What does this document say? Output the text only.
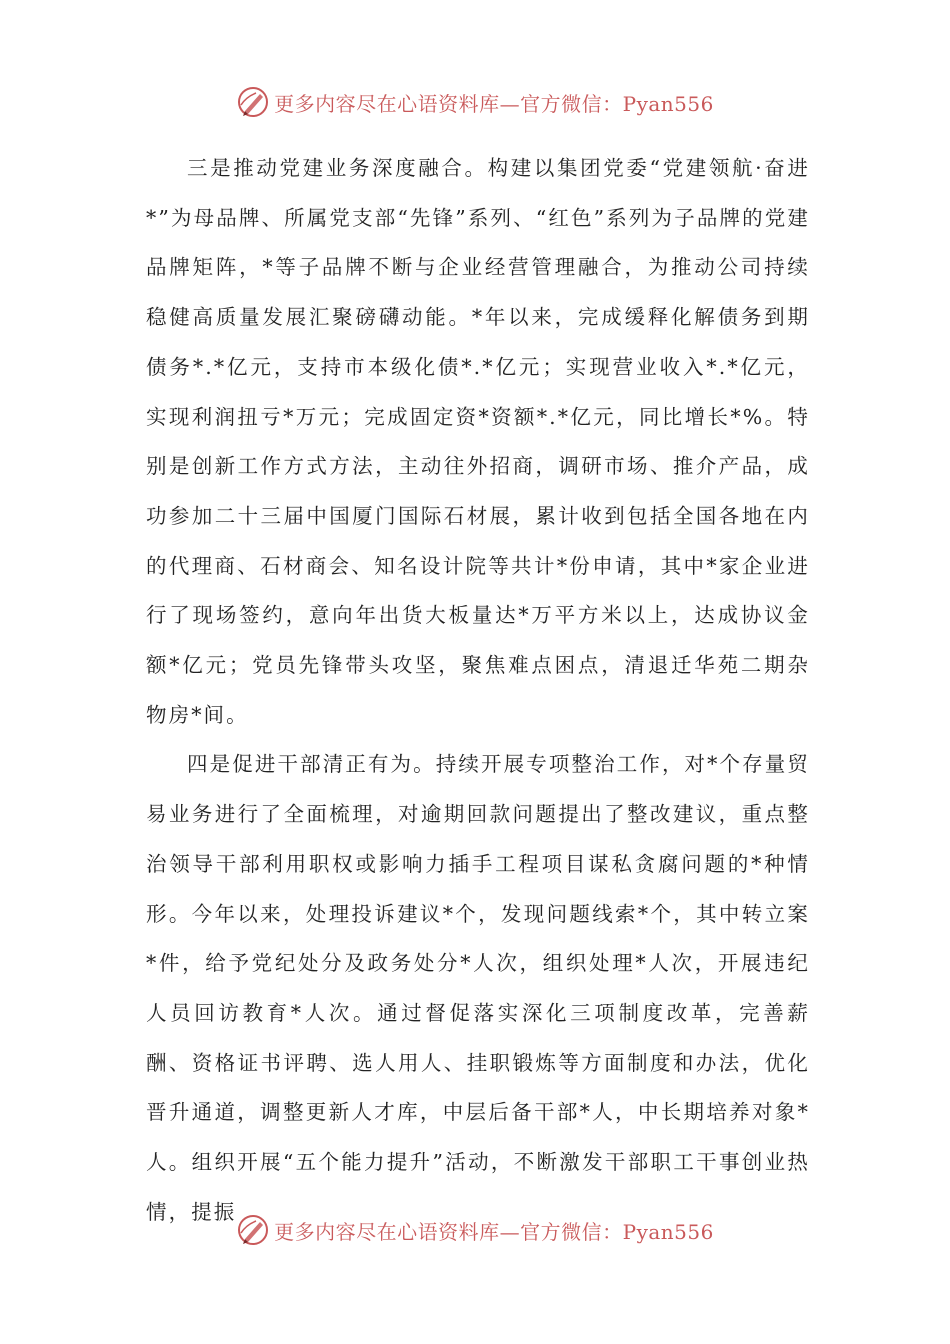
更多内容尽在心语资料库—官方微信：Pyan556

三是推动党建业务深度融合。构建以集团党委“党建领航·奋进*”为母品牌、所属党支部“先锋”系列、“红色”系列为子品牌的党建品牌矩阵，*等子品牌不断与企业经营管理融合，为推动公司持续稳健高质量发展汇聚磅礴动能。*年以来，完成缓释化解债务到期债务*.*亿元，支持市本级化债*.*亿元；实现营业收入*.*亿元，实现利润扭亏*万元；完成固定资*资额*.*亿元，同比增长*%。特别是创新工作方式方法，主动往外招商，调研市场、推介产品，成功参加二十三届中国厦门国际石材展，累计收到包括全国各地在内的代理商、石材商会、知名设计院等共计*份申请，其中*家企业进行了现场签约，意向年出货大板量达*万平方米以上，达成协议金额*亿元；党员先锋带头攻坚，聚焦难点困点，清退迁华苑二期杂物房*间。

四是促进干部清正有为。持续开展专项整治工作，对*个存量贸易业务进行了全面梳理，对逾期回款问题提出了整改建议，重点整治领导干部利用职权或影响力插手工程项目谋私贪腐问题的*种情形。今年以来，处理投诉建议*个，发现问题线索*个，其中转立案*件，给予党纪处分及政务处分*人次，组织处理*人次，开展违纪人员回访教育*人次。通过督促落实深化三项制度改革，完善薪酬、资格证书评聘、选人用人、挂职锻炼等方面制度和办法，优化晋升通道，调整更新人才库，中层后备干部*人，中长期培养对象*人。组织开展“五个能力提升”活动，不断激发干部职工干事创业热情，提振

更多内容尽在心语资料库—官方微信：Pyan556
